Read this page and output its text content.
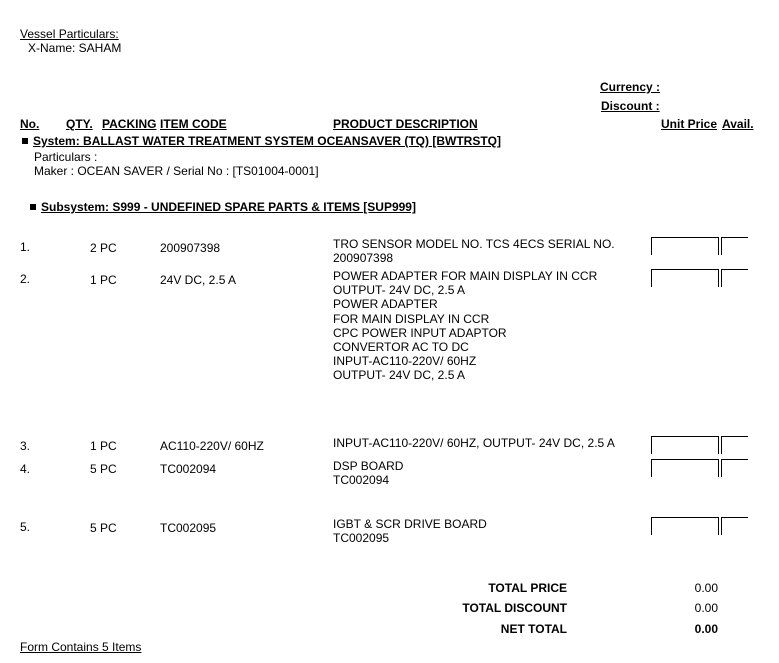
Vessel Particulars:
X-Name: SAHAM
Currency :
Discount :
No. QTY. PACKING ITEM CODE	PRODUCT DESCRIPTION	Unit Price Avail.
System: BALLAST WATER TREATMENT SYSTEM OCEANSAVER (TQ) [BWTRSTQ]
Particulars :
Maker : OCEAN SAVER / Serial No : [TS01004-0001]
Subsystem: S999 - UNDEFINED SPARE PARTS & ITEMS [SUP999]
1.	2 PC	200907398	TRO SENSOR MODEL NO. TCS 4ECS SERIAL NO.
200907398
2.	1 PC	24V DC, 2.5 A	POWER ADAPTER FOR MAIN DISPLAY IN CCR
OUTPUT- 24V DC, 2.5 A
POWER ADAPTER
FOR MAIN DISPLAY IN CCR
CPC POWER INPUT ADAPTOR
CONVERTOR AC TO DC
INPUT-AC110-220V/ 60HZ
OUTPUT- 24V DC, 2.5 A
3.	1 PC	AC110-220V/ 60HZ	INPUT-AC110-220V/ 60HZ, OUTPUT- 24V DC, 2.5 A
4.	5 PC	TC002094	DSP BOARD
TC002094
5.	5 PC	TC002095	IGBT & SCR DRIVE BOARD
TC002095
TOTAL PRICE	0.00
TOTAL DISCOUNT	0.00
NET TOTAL	0.00
Form Contains 5 Items
